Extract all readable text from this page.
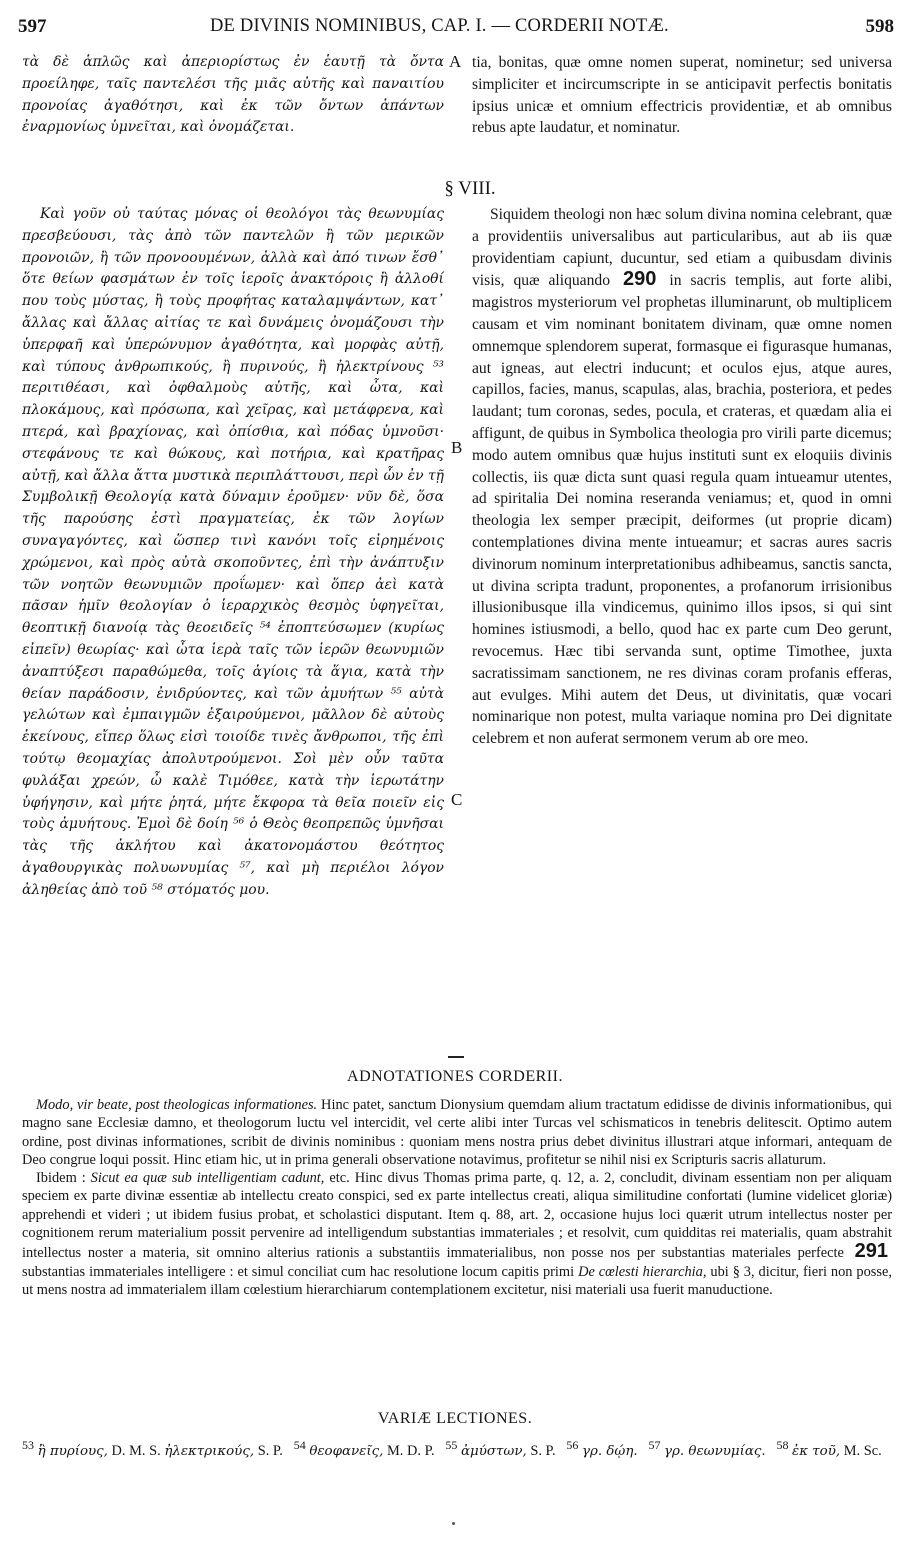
597	DE DIVINIS NOMINIBUS, CAP. I. — CORDERII NOTÆ.	598

τὰ δὲ ἁπλῶς καὶ ἀπεριορίστως ἐν ἑαυτῇ τὰ ὄντα προείληφε, ταῖς παντελέσι τῆς μιᾶς αὐτῆς καὶ παναιτίου προνοίας ἀγαθότησι, καὶ ἐκ τῶν ὄντων ἁπάντων ἐναρμονίως ὑμνεῖται, καὶ ὀνομάζεται.

tia, bonitas, quæ omne nomen superat, nominetur; sed universa simpliciter et incircumscripte in se anticipavit perfectis bonitatis ipsius unicæ et omnium effectricis providentiæ, et ab omnibus rebus apte laudatur, et nominatur.

§ VIII.

Καὶ γοῦν οὐ ταύτας μόνας οἱ θεολόγοι τὰς θεωνυμίας πρεσβεύουσι, τὰς ἀπὸ τῶν παντελῶν ἢ τῶν μερικῶν προνοιῶν, ἢ τῶν προνοουμένων, ἀλλὰ καὶ ἀπό τινων ἔσθ᾽ ὅτε θείων φασμάτων ἐν τοῖς ἱεροῖς ἀνακτόροις ἢ ἀλλοθί που τοὺς μύστας, ἢ τοὺς προφήτας καταλαμψάντων, κατ᾽ ἄλλας καὶ ἄλλας αἰτίας τε καὶ δυνάμεις ὀνομάζουσι τὴν ὑπερφαῆ καὶ ὑπερώνυμον ἀγαθότητα, καὶ μορφὰς αὐτῇ, καὶ τύπους ἀνθρωπικούς, ἢ πυρινούς, ἢ ἠλεκτρίνους ⁵³ περιτιθέασι, καὶ ὀφθαλμοὺς αὐτῆς, καὶ ὦτα, καὶ πλοκάμους, καὶ πρόσωπα, καὶ χεῖρας, καὶ μετάφρενα, καὶ πτερά, καὶ βραχίονας, καὶ ὀπίσθια, καὶ πόδας ὑμνοῦσι· στεφάνους τε καὶ θώκους, καὶ ποτήρια, καὶ κρατῆρας αὐτῇ, καὶ ἄλλα ἄττα μυστικὰ περιπλάττουσι, περὶ ὧν ἐν τῇ Συμβολικῇ Θεολογίᾳ κατὰ δύναμιν ἐροῦμεν· νῦν δὲ, ὅσα τῆς παρούσης ἐστὶ πραγματείας, ἐκ τῶν λογίων συναγαγόντες, καὶ ὥσπερ τινὶ κανόνι τοῖς εἰρημένοις χρώμενοι, καὶ πρὸς αὐτὰ σκοποῦντες, ἐπὶ τὴν ἀνάπτυξιν τῶν νοητῶν θεωνυμιῶν προΐωμεν· καὶ ὅπερ ἀεὶ κατὰ πᾶσαν ἡμῖν θεολογίαν ὁ ἱεραρχικὸς θεσμὸς ὑφηγεῖται, θεοπτικῇ διανοίᾳ τὰς θεοειδεῖς ⁵⁴ ἐποπτεύσωμεν (κυρίως εἰπεῖν) θεωρίας· καὶ ὦτα ἱερὰ ταῖς τῶν ἱερῶν θεωνυμιῶν ἀναπτύξεσι παραθώμεθα, τοῖς ἁγίοις τὰ ἅγια, κατὰ τὴν θείαν παράδοσιν, ἐνιδρύοντες, καὶ τῶν ἀμυήτων ⁵⁵ αὐτὰ γελώτων καὶ ἐμπαιγμῶν ἐξαιρούμενοι, μᾶλλον δὲ αὐτοὺς ἐκείνους, εἴπερ ὅλως εἰσὶ τοιοίδε τινὲς ἄνθρωποι, τῆς ἐπὶ τούτῳ θεομαχίας ἀπολυτρούμενοι. Σοὶ μὲν οὖν ταῦτα φυλάξαι χρεών, ὦ καλὲ Τιμόθεε, κατὰ τὴν ἱερωτάτην ὑφήγησιν, καὶ μήτε ῥητά, μήτε ἔκφορα τὰ θεῖα ποιεῖν εἰς τοὺς ἀμυήτους. Ἐμοὶ δὲ δοίη ⁵⁶ ὁ Θεὸς θεοπρεπῶς ὑμνῆσαι τὰς τῆς ἀκλήτου καὶ ἀκατονομάστου θεότητος ἀγαθουργικὰς πολυωνυμίας ⁵⁷, καὶ μὴ περιέλοι λόγον ἀληθείας ἀπὸ τοῦ ⁵⁸ στόματός μου.

Siquidem theologi non hæc solum divina nomina celebrant, quæ a providentiis universalibus aut particularibus, aut ab iis quæ providentiam capiunt, ducuntur, sed etiam a quibusdam divinis visis, quæ aliquando 290 in sacris templis, aut forte alibi, magistros mysteriorum vel prophetas illuminarunt, ob multiplicem causam et vim nominant bonitatem divinam, quæ omne nomen omnemque splendorem superat, formasque ei figurasque humanas, aut igneas, aut electri inducunt; et oculos ejus, atque aures, capillos, facies, manus, scapulas, alas, brachia, posteriora, et pedes laudant; tum coronas, sedes, pocula, et crateras, et quædam alia ei affigunt, de quibus in Symbolica theologia pro virili parte dicemus; modo autem omnibus quæ hujus instituti sunt ex eloquiis divinis collectis, iis quæ dicta sunt quasi regula quam intueamur utentes, ad spiritalia Dei nomina reseranda veniamus; et, quod in omni theologia lex semper præcipit, deiformes (ut proprie dicam) contemplationes divina mente intueamur; et sacras aures sacris divinorum nominum interpretationibus adhibeamus, sanctis sancta, ut divina scripta tradunt, proponentes, a profanorum irrisionibus illusionibusque illa vindicemus, quinimo illos ipsos, si qui sint homines istiusmodi, a bello, quod hac ex parte cum Deo gerunt, revocemus. Hæc tibi servanda sunt, optime Timothee, juxta sacratissimam sanctionem, ne res divinas coram profanis efferas, aut evulges. Mihi autem det Deus, ut divinitatis, quæ vocari nominarique non potest, multa variaque nomina pro Dei dignitate celebrem et non auferat sermonem verum ab ore meo.

A
B
C
ADNOTATIONES CORDERII.

Modo, vir beate, post theologicas informationes. Hinc patet, sanctum Dionysium quemdam alium tractatum edidisse de divinis informationibus, qui magno sane Ecclesiæ damno, et theologorum luctu vel intercidit, vel certe alibi inter Turcas vel schismaticos in tenebris delitescit. Optimo autem ordine, post divinas informationes, scribit de divinis nominibus : quoniam mens nostra prius debet divinitus illustrari atque informari, antequam de Deo congrue loqui possit. Hinc etiam hic, ut in prima generali observatione notavimus, profitetur se nihil nisi ex Scripturis sacris allaturum.

Ibidem : Sicut ea quæ sub intelligentiam cadunt, etc. Hinc divus Thomas prima parte, q. 12, a. 2, concludit, divinam essentiam non per aliquam speciem ex parte divinæ essentiæ ab intellectu creato conspici, sed ex parte intellectus creati, aliqua similitudine confortati (lumine videlicet gloriæ) apprehendi et videri ; ut ibidem fusius probat, et scholastici disputant. Item q. 88, art. 2, occasione hujus loci quærit utrum intellectus noster per cognitionem rerum materialium possit pervenire ad intelligendum substantias immateriales ; et resolvit, cum quidditas rei materialis, quam abstrahit intellectus noster a materia, sit omnino alterius rationis a substantiis immaterialibus, non posse nos per substantias materiales perfecte 291 substantias immateriales intelligere : et simul conciliat cum hac resolutione locum capitis primi De cœlesti hierarchia, ubi § 3, dicitur, fieri non posse, ut mens nostra ad immaterialem illam cœlestium hierarchiarum contemplationem excitetur, nisi materiali usa fuerit manuductione.

VARIÆ LECTIONES.
$^{53}$ ἢ πυρίους, D. M. S. ἠλεκτρικούς, S. P. $^{54}$ θεοφανεῖς, M. D. P. $^{55}$ ἀμύστων, S. P. $^{56}$ γρ. δῴη. $^{57}$ γρ. θεωνυμίας. $^{58}$ ἐκ τοῦ, M. Sc.
